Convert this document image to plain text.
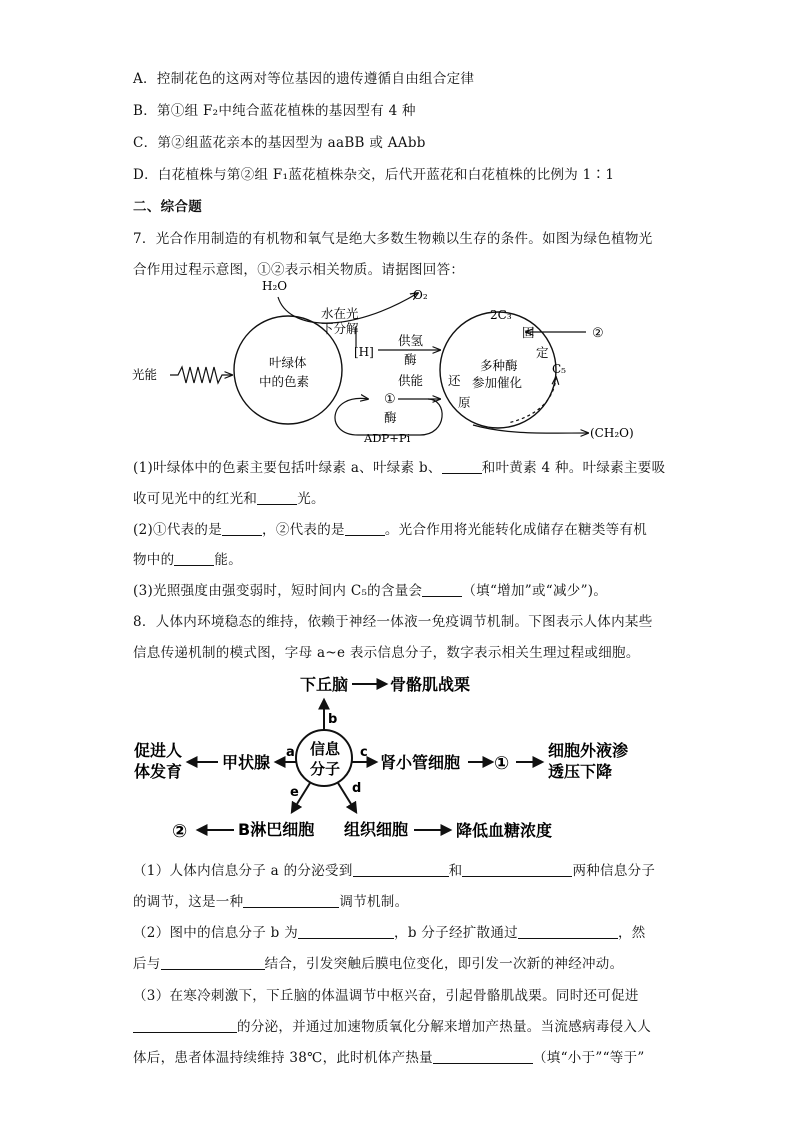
A．控制花色的这两对等位基因的遗传遵循自由组合定律
B．第①组 F₂中纯合蓝花植株的基因型有 4 种
C．第②组蓝花亲本的基因型为 aaBB 或 AAbb
D．白花植株与第②组 F₁蓝花植株杂交，后代开蓝花和白花植株的比例为 1∶1
二、综合题
7．光合作用制造的有机物和氧气是绝大多数生物赖以生存的条件。如图为绿色植物光
合作用过程示意图，①②表示相关物质。请据图回答：
H₂O
O₂
水在光
下分解
[H]
供氢
酶
供能
光能
叶绿体
中的色素
①
酶
ADP+Pi
2C₃
固
定
②
C₅
多种酶
参加催化
还
原
(CH₂O)
(1)叶绿体中的色素主要包括叶绿素 a、叶绿素 b、	和叶黄素 4 种。叶绿素主要吸
收可见光中的红光和	光。
(2)①代表的是	，②代表的是	。光合作用将光能转化成储存在糖类等有机
物中的	能。
(3)光照强度由强变弱时，短时间内 C₅的含量会	（填“增加”或“减少”)。
8．人体内环境稳态的维持，依赖于神经一体液一免疫调节机制。下图表示人体内某些
信息传递机制的模式图，字母 a~e 表示信息分子，数字表示相关生理过程或细胞。
信息
分子
b
下丘脑	骨骼肌战栗
a
甲状腺
促进人
体发育
c
肾小管细胞 ①
细胞外液渗
透压下降
e
B淋巴细胞
②
d
组织细胞	降低血糖浓度
（1）人体内信息分子 a 的分泌受到	和	两种信息分子
的调节，这是一种	调节机制。
（2）图中的信息分子 b 为	，b 分子经扩散通过	，然
后与	结合，引发突触后膜电位变化，即引发一次新的神经冲动。
（3）在寒冷刺激下，下丘脑的体温调节中枢兴奋，引起骨骼肌战栗。同时还可促进
的分泌，并通过加速物质氧化分解来增加产热量。当流感病毒侵入人
体后，患者体温持续维持 38℃，此时机体产热量	（填“小于”“等于”
